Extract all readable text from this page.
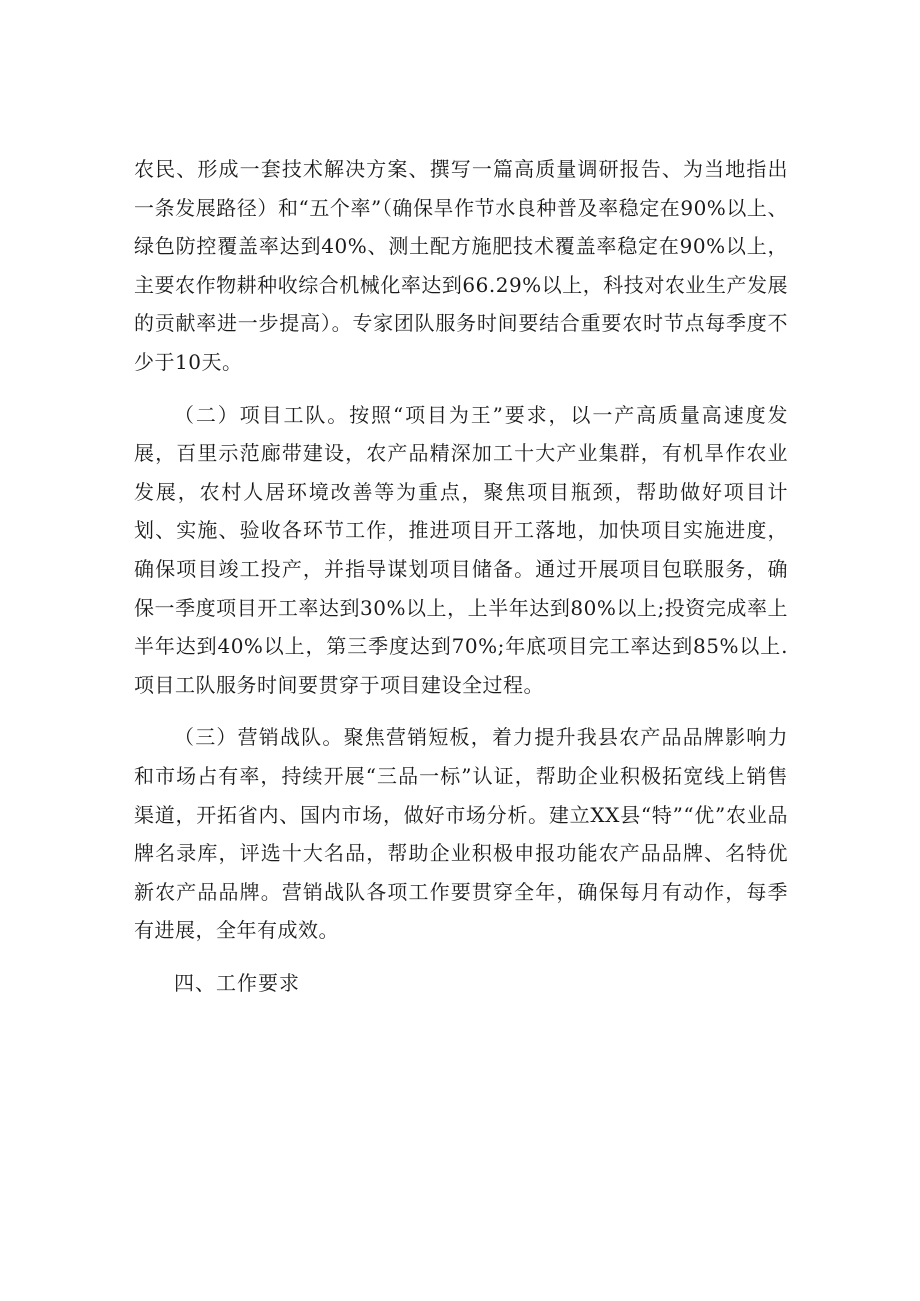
农民、形成一套技术解决方案、撰写一篇高质量调研报告、为当地指出一条发展路径）和“五个率”（确保旱作节水良种普及率稳定在90%以上、绿色防控覆盖率达到40%、测土配方施肥技术覆盖率稳定在90%以上，主要农作物耕种收综合机械化率达到66.29%以上，科技对农业生产发展的贡献率进一步提高）。专家团队服务时间要结合重要农时节点每季度不少于10天。

（二）项目工队。按照“项目为王”要求，以一产高质量高速度发展，百里示范廊带建设，农产品精深加工十大产业集群，有机旱作农业发展，农村人居环境改善等为重点，聚焦项目瓶颈，帮助做好项目计划、实施、验收各环节工作，推进项目开工落地，加快项目实施进度，确保项目竣工投产，并指导谋划项目储备。通过开展项目包联服务，确保一季度项目开工率达到30%以上，上半年达到80%以上;投资完成率上半年达到40%以上，第三季度达到70%;年底项目完工率达到85%以上.项目工队服务时间要贯穿于项目建设全过程。

（三）营销战队。聚焦营销短板，着力提升我县农产品品牌影响力和市场占有率，持续开展“三品一标”认证，帮助企业积极拓宽线上销售渠道，开拓省内、国内市场，做好市场分析。建立XX县“特”“优”农业品牌名录库，评选十大名品，帮助企业积极申报功能农产品品牌、名特优新农产品品牌。营销战队各项工作要贯穿全年，确保每月有动作，每季有进展，全年有成效。

四、工作要求
